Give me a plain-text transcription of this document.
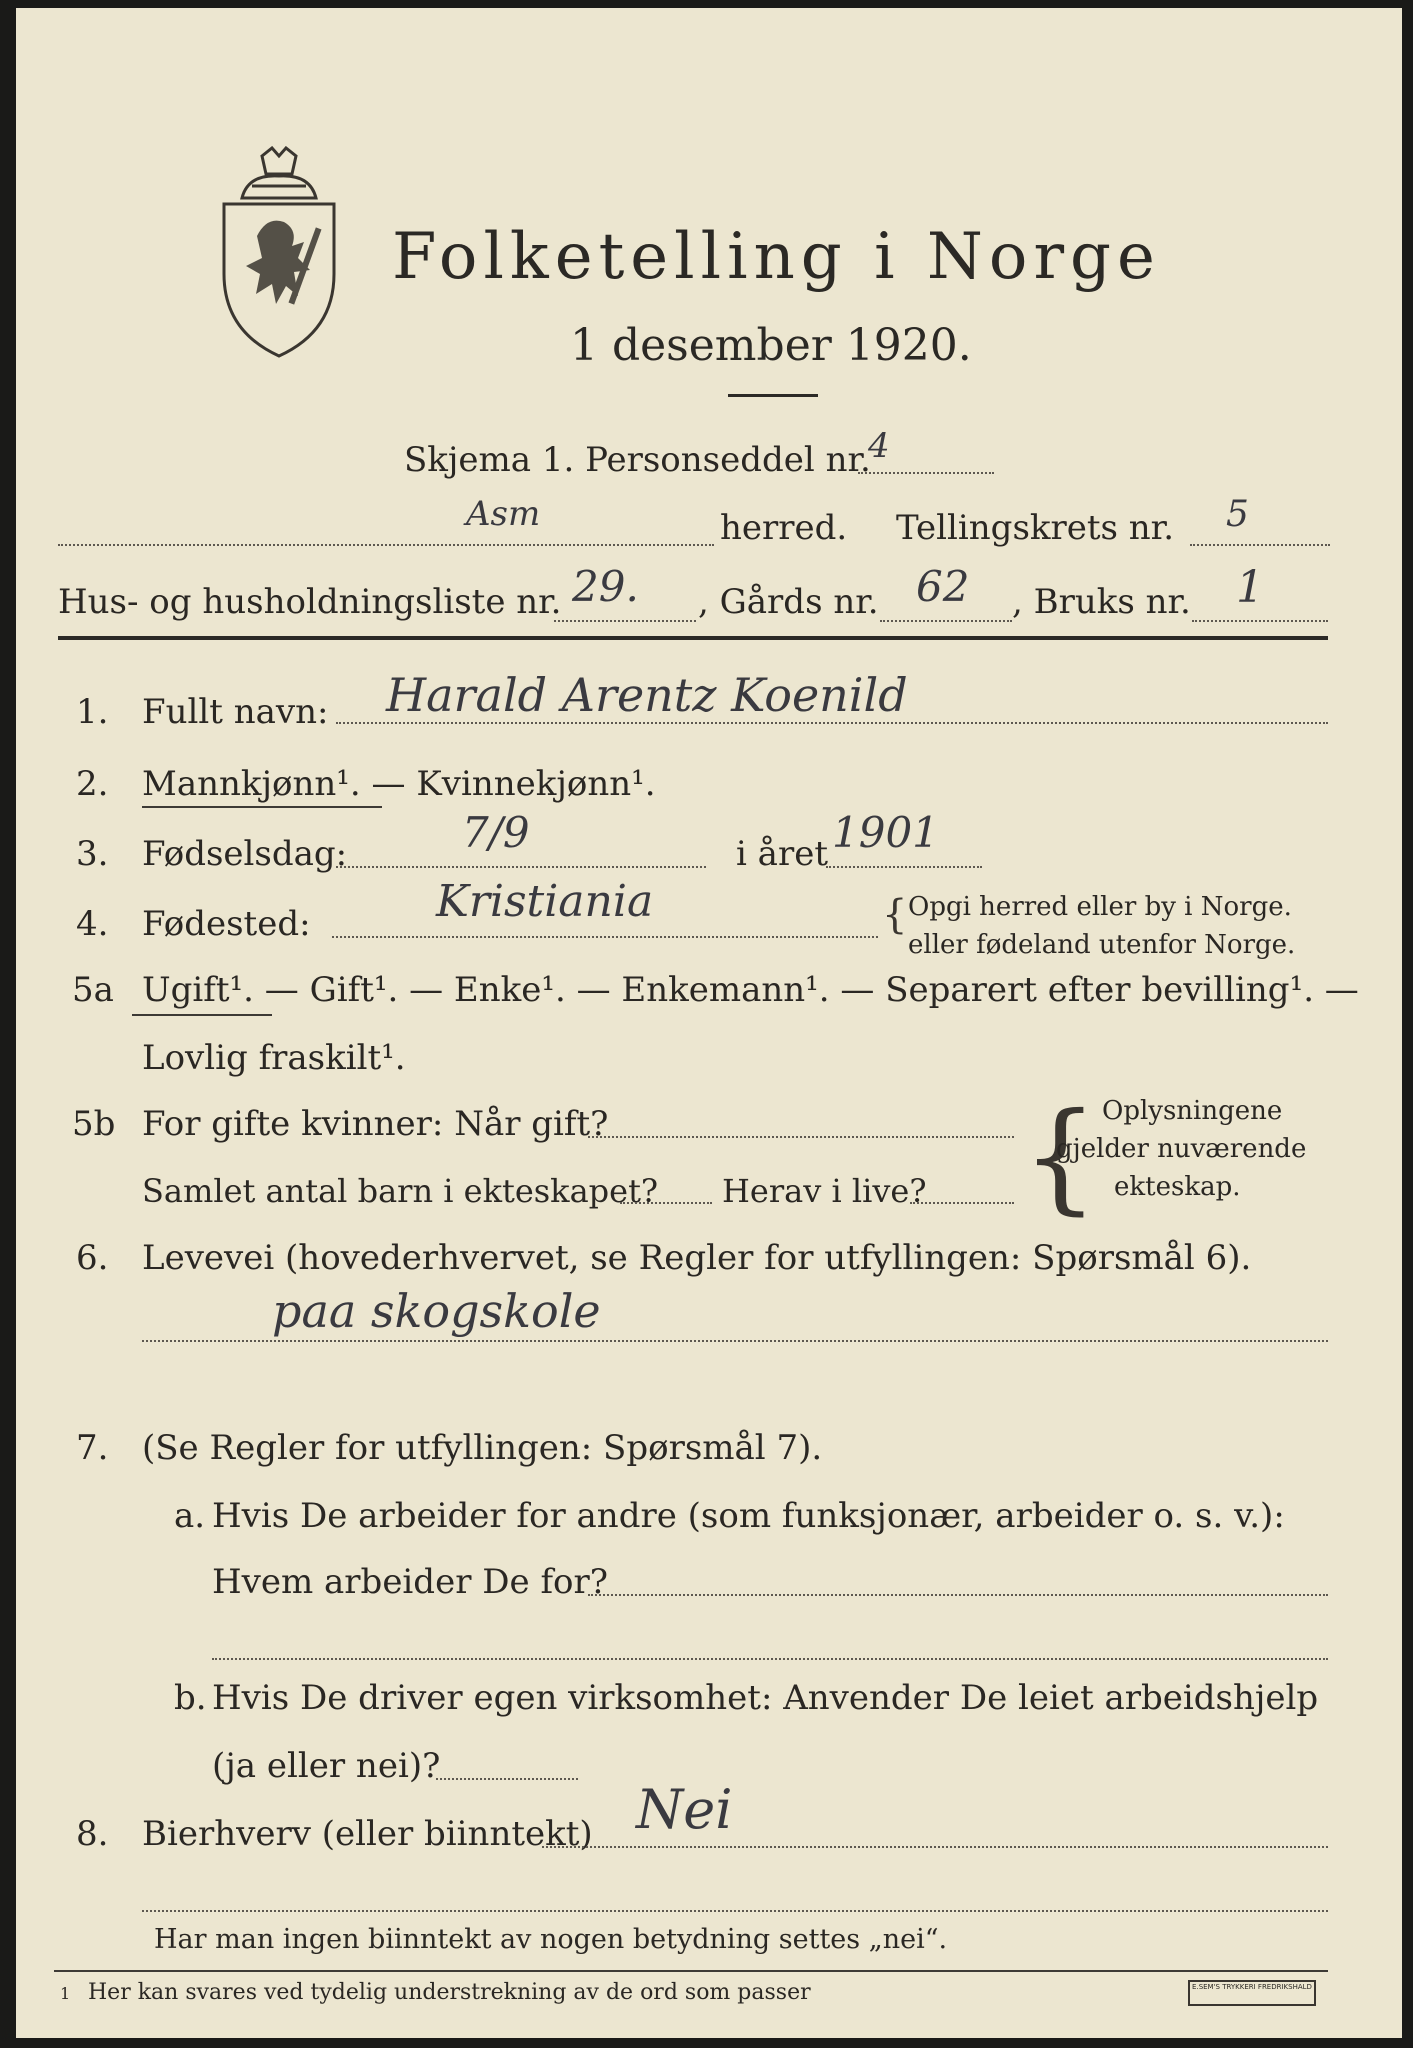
Folketelling i Norge
1 desember 1920.
Skjema 1. Personseddel nr.
4
Asm	herred. Tellingskrets nr. 5
Hus- og husholdningsliste nr. 29. , Gårds nr. 62 , Bruks nr. 1
1. Fullt navn: Harald Arentz Koenild
2. Mannkjønn¹. — Kvinnekjønn¹.
3. Fødselsdag:	7/9	i året 1901
4. Fødested:	Kristiania	{ Opgi herred eller by i Norge.
eller fødeland utenfor Norge.
5a Ugift¹. — Gift¹. — Enke¹. — Enkemann¹. — Separert efter bevilling¹. —
Lovlig fraskilt¹.
5b For gifte kvinner: Når gift?
Samlet antal barn i ekteskapet? Herav i live? { Oplysningene
gjelder nuværende
ekteskap.
6. Levevei (hovederhvervet, se Regler for utfyllingen: Spørsmål 6).
paa skogskole
7. (Se Regler for utfyllingen: Spørsmål 7).
a. Hvis De arbeider for andre (som funksjonær, arbeider o. s. v.):
Hvem arbeider De for?
b. Hvis De driver egen virksomhet: Anvender De leiet arbeidshjelp
(ja eller nei)?
8. Bierhverv (eller biinntekt) Nei
Har man ingen biinntekt av nogen betydning settes „nei“.
1 Her kan svares ved tydelig understrekning av de ord som passer	E.SEM'S TRYKKERI FREDRIKSHALD
